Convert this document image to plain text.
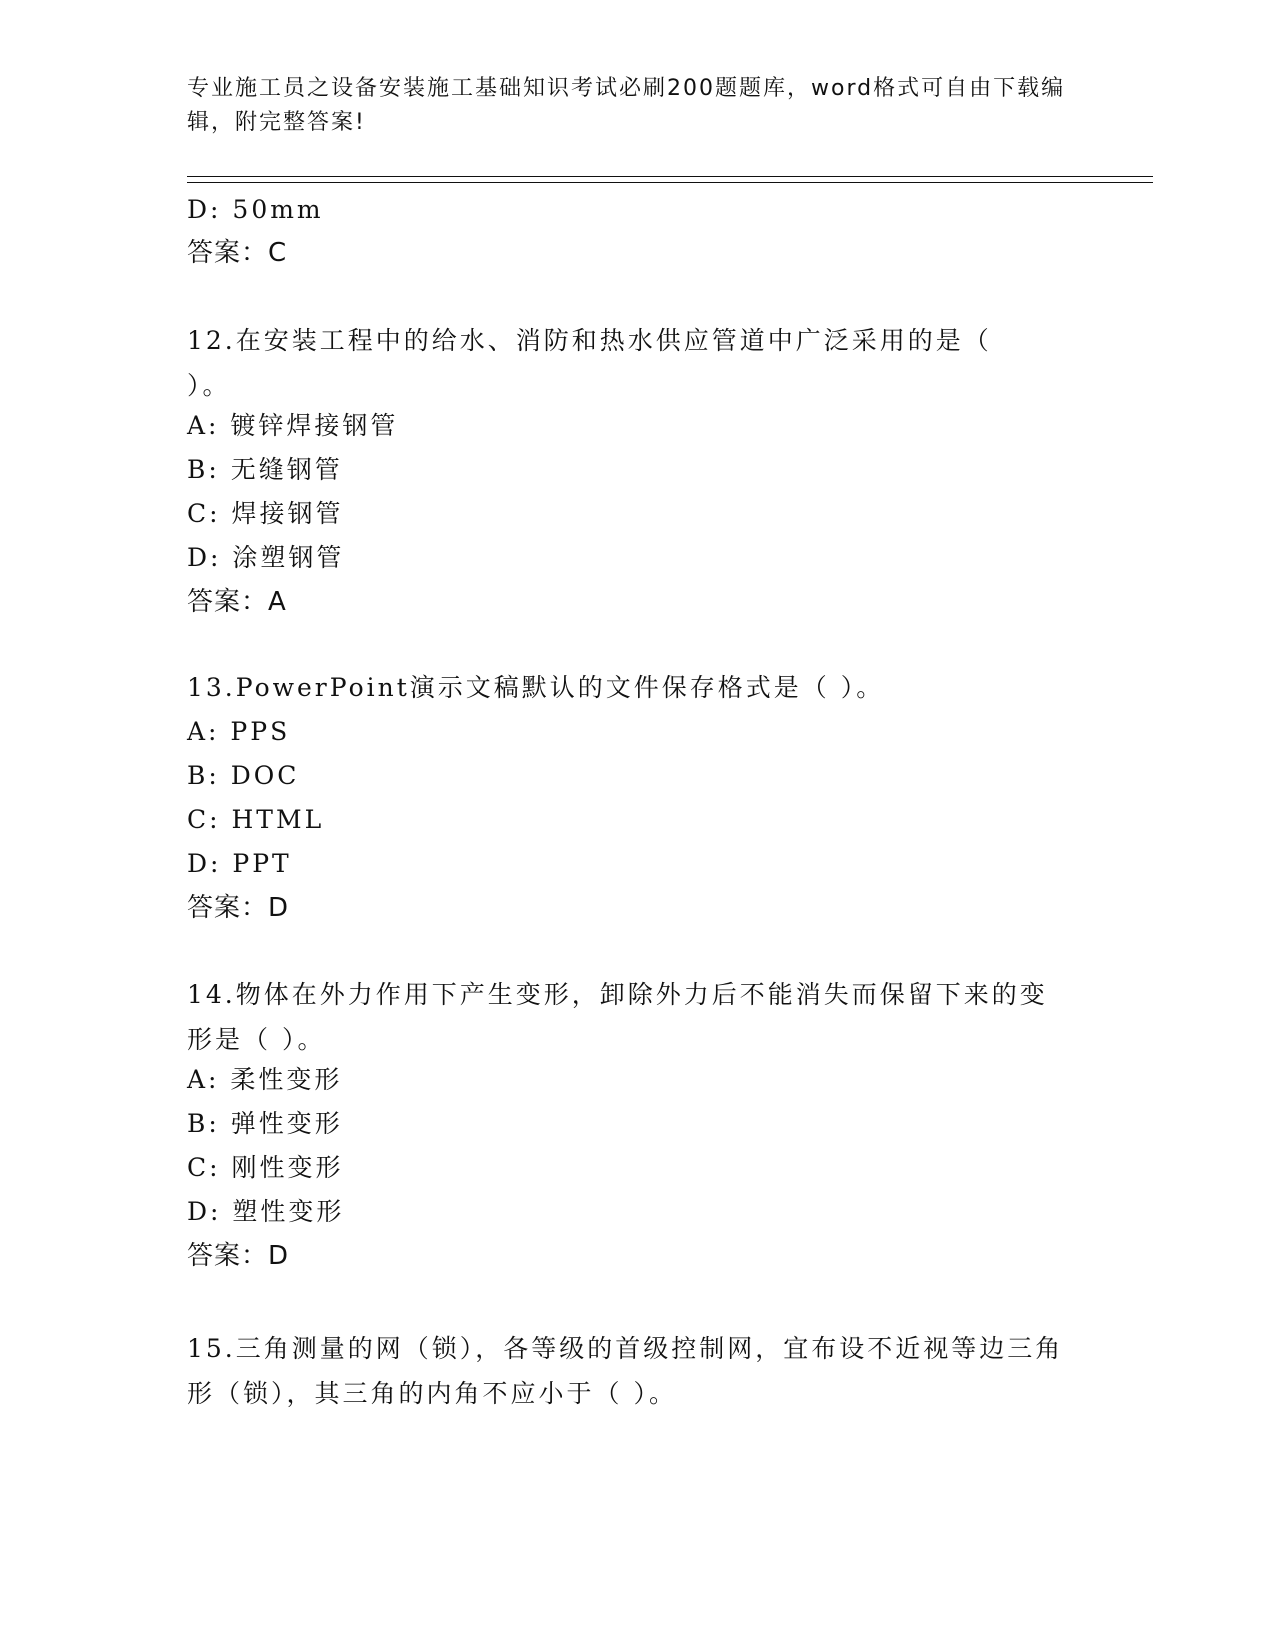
专业施工员之设备安装施工基础知识考试必刷200题题库，word格式可自由下载编辑，附完整答案!
D: 50mm
答案：C
12.在安装工程中的给水、消防和热水供应管道中广泛采用的是（ ）。
A: 镀锌焊接钢管
B: 无缝钢管
C: 焊接钢管
D: 涂塑钢管
答案：A
13.PowerPoint演示文稿默认的文件保存格式是（ ）。
A: PPS
B: DOC
C: HTML
D: PPT
答案：D
14.物体在外力作用下产生变形，卸除外力后不能消失而保留下来的变形是（ ）。
A: 柔性变形
B: 弹性变形
C: 刚性变形
D: 塑性变形
答案：D
15.三角测量的网（锁），各等级的首级控制网，宜布设不近视等边三角形（锁），其三角的内角不应小于（ ）。
